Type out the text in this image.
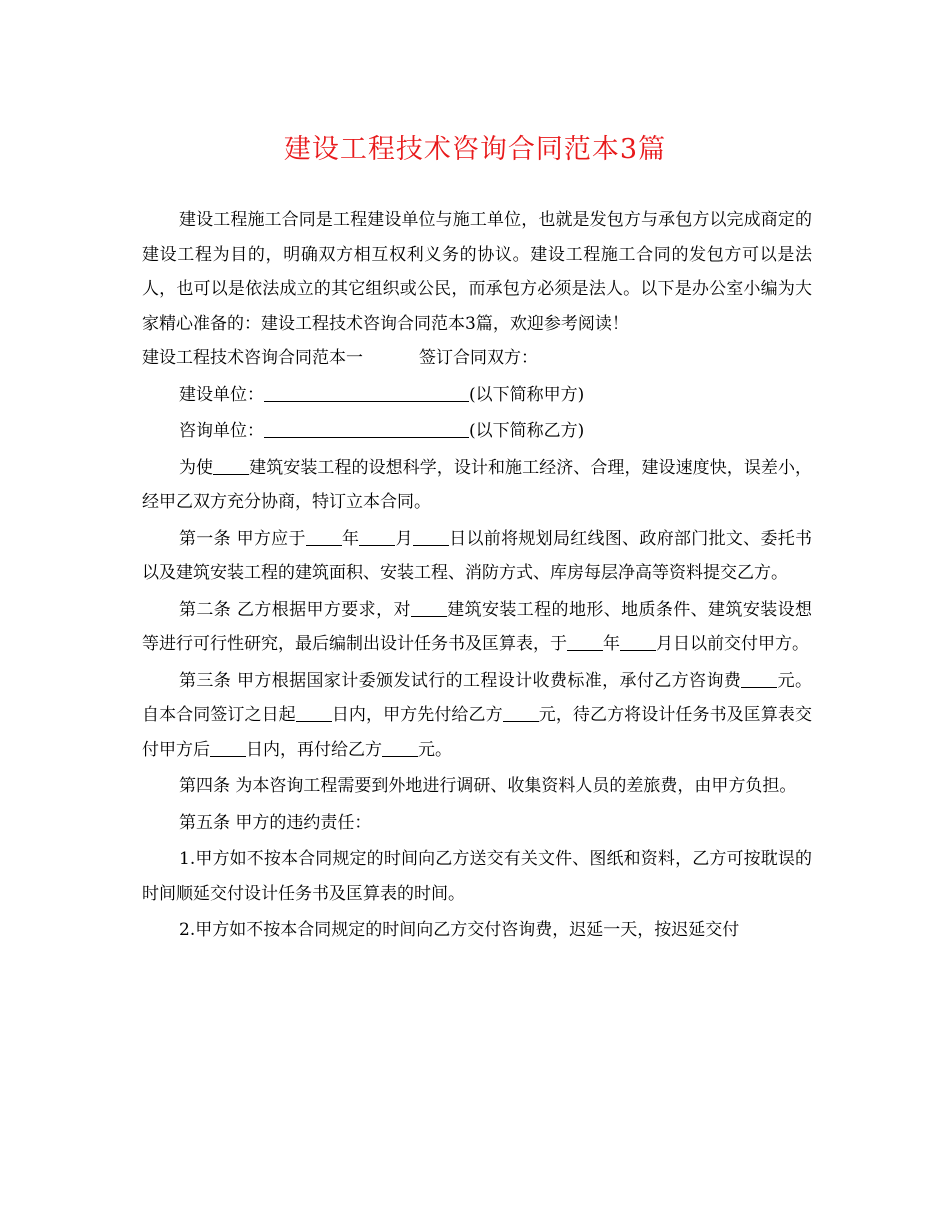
建设工程技术咨询合同范本3篇

建设工程施工合同是工程建设单位与施工单位，也就是发包方与承包方以完成商定的建设工程为目的，明确双方相互权利义务的协议。建设工程施工合同的发包方可以是法人，也可以是依法成立的其它组织或公民，而承包方必须是法人。以下是办公室小编为大家精心准备的：建设工程技术咨询合同范本3篇，欢迎参考阅读！

建设工程技术咨询合同范本一	签订合同双方：

建设单位：	(以下简称甲方)

咨询单位：	(以下简称乙方)

为使 建筑安装工程的设想科学，设计和施工经济、合理，建设速度快，误差小，经甲乙双方充分协商，特订立本合同。

第一条 甲方应于 年 月 日以前将规划局红线图、政府部门批文、委托书以及建筑安装工程的建筑面积、安装工程、消防方式、库房每层净高等资料提交乙方。

第二条 乙方根据甲方要求，对 建筑安装工程的地形、地质条件、建筑安装设想等进行可行性研究，最后编制出设计任务书及匡算表，于 年 月日以前交付甲方。

第三条 甲方根据国家计委颁发试行的工程设计收费标准，承付乙方咨询费 元。自本合同签订之日起 日内，甲方先付给乙方 元，待乙方将设计任务书及匡算表交付甲方后 日内，再付给乙方 元。

第四条 为本咨询工程需要到外地进行调研、收集资料人员的差旅费，由甲方负担。

第五条 甲方的违约责任：

1.甲方如不按本合同规定的时间向乙方送交有关文件、图纸和资料，乙方可按耽误的时间顺延交付设计任务书及匡算表的时间。

2.甲方如不按本合同规定的时间向乙方交付咨询费，迟延一天，按迟延交付
